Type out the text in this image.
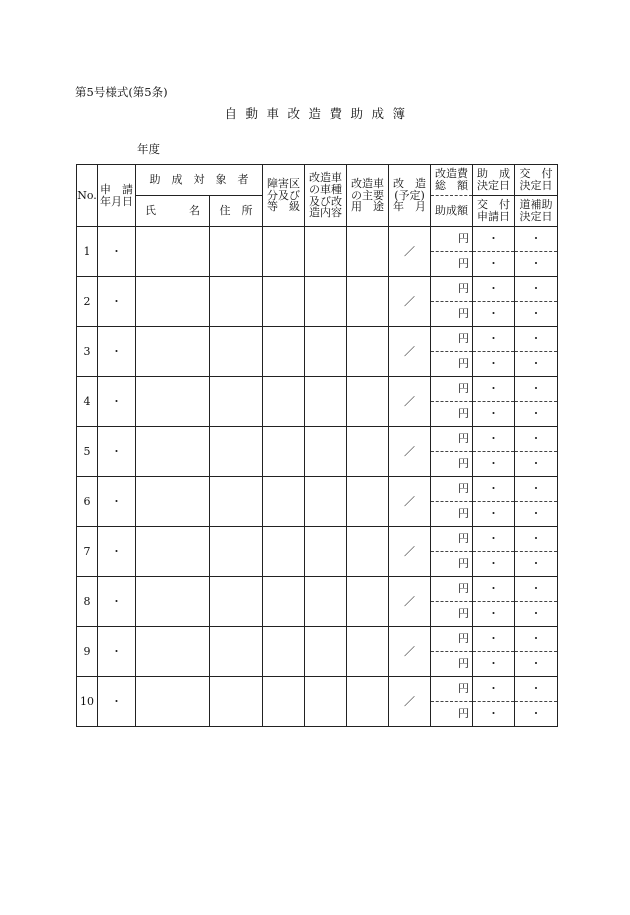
第5号様式(第5条)
自動車改造費助成簿
年度
No.	申　請
年月日	助　成　対　象　者		障害区
分及び
等　級	改造車
の車種
及び改
造内容	改造車
の主要
用　途	改　造
(予定)
年　月	改造費
総　額	助　成
決定日	交　付
決定日

		氏　　　名	住　所					助成額	交　付
申請日	道補助
決定日

1	・						／	円	・	・
								円	・	・
2	・						／	円	・	・
								円	・	・
3	・						／	円	・	・
								円	・	・
4	・						／	円	・	・
								円	・	・
5	・						／	円	・	・
								円	・	・
6	・						／	円	・	・
								円	・	・
7	・						／	円	・	・
								円	・	・
8	・						／	円	・	・
								円	・	・
9	・						／	円	・	・
								円	・	・
10	・						／	円	・	・
								円	・	・
